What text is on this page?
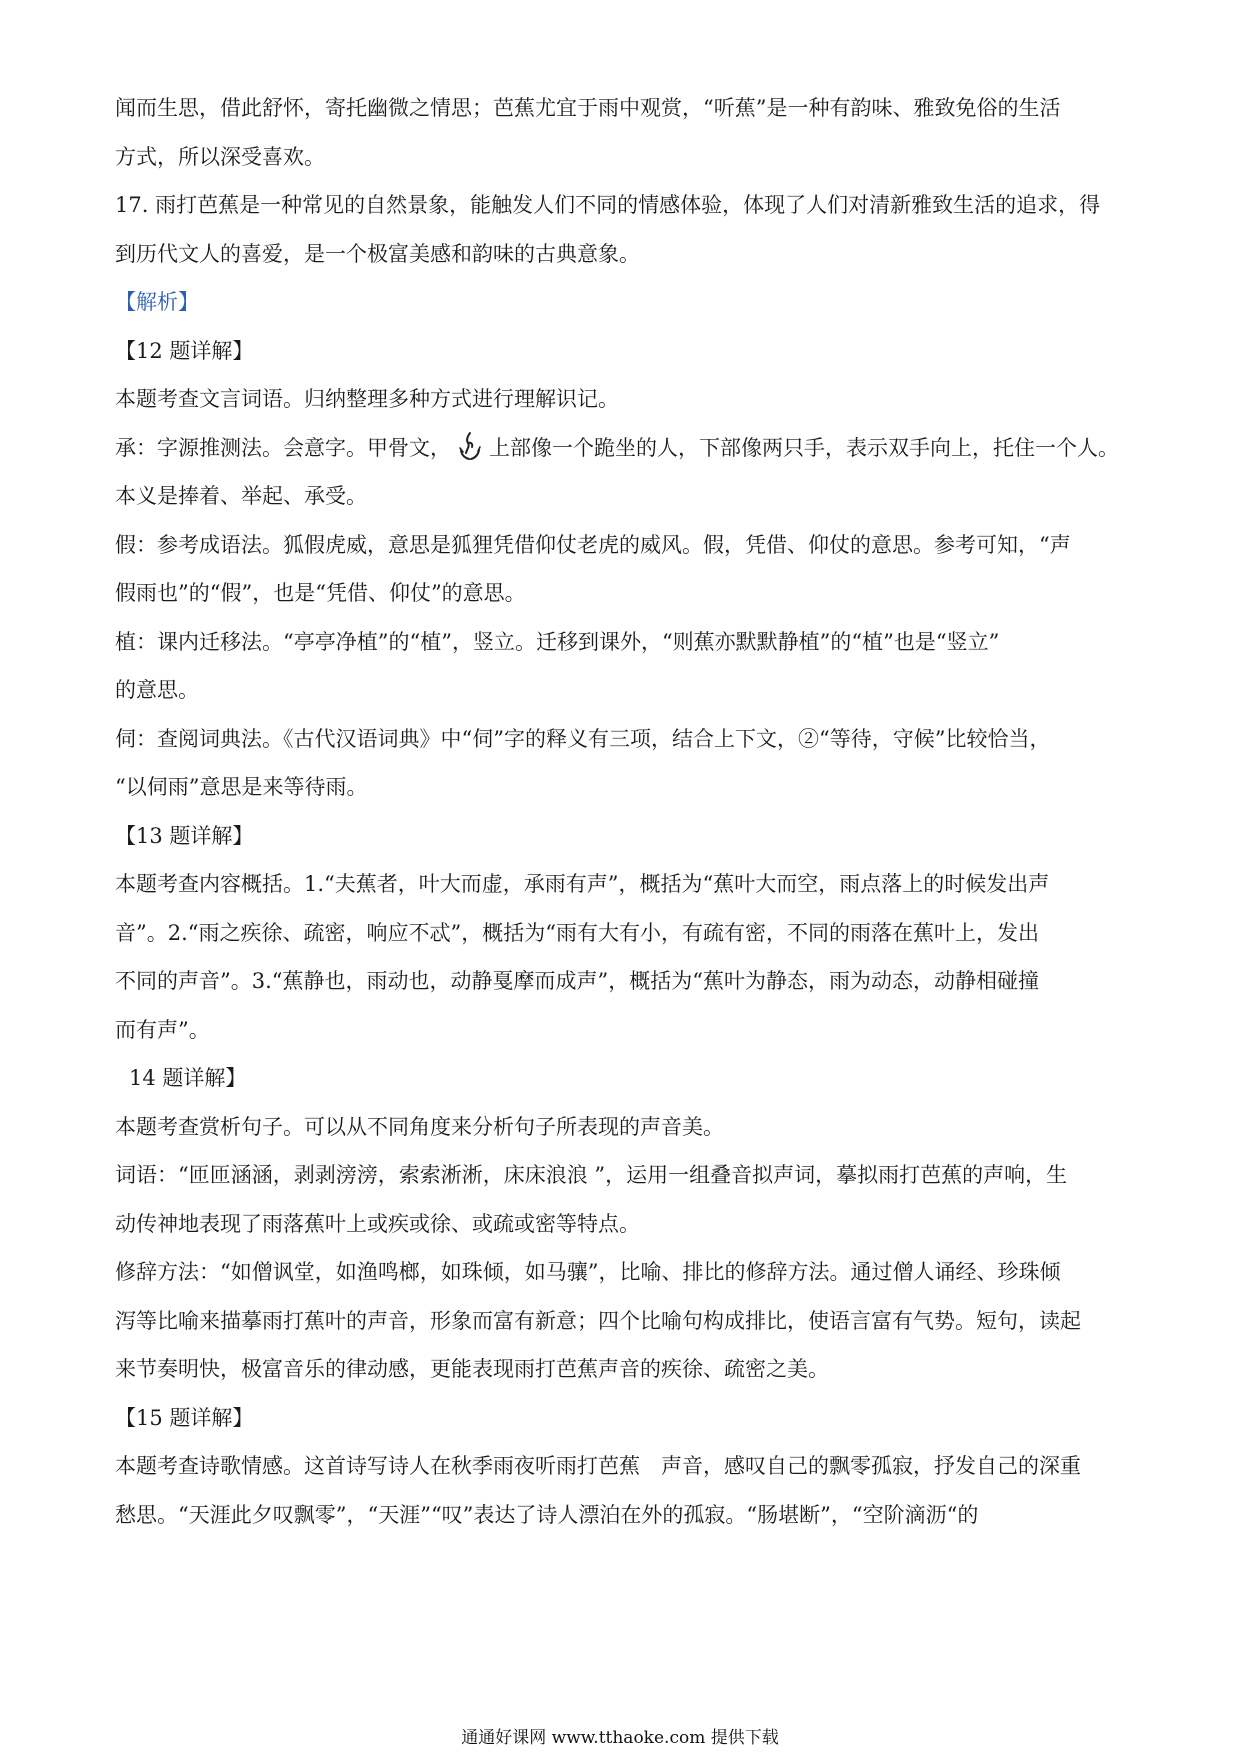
闻而生思，借此舒怀，寄托幽微之情思；芭蕉尤宜于雨中观赏，“听蕉”是一种有韵味、雅致免俗的生活
方式，所以深受喜欢。
17. 雨打芭蕉是一种常见的自然景象，能触发人们不同的情感体验，体现了人们对清新雅致生活的追求，得
到历代文人的喜爱，是一个极富美感和韵味的古典意象。
【解析】
【12 题详解】
本题考查文言词语。归纳整理多种方式进行理解识记。
承：字源推测法。会意字。甲骨文， 上部像一个跪坐的人，下部像两只手，表示双手向上，托住一个人。
本义是捧着、举起、承受。
假：参考成语法。狐假虎威，意思是狐狸凭借仰仗老虎的威风。假，凭借、仰仗的意思。参考可知，“声
假雨也”的“假”，也是“凭借、仰仗”的意思。
植：课内迁移法。“亭亭净植”的“植”，竖立。迁移到课外，“则蕉亦默默静植”的“植”也是“竖立”
的意思。
伺：查阅词典法。《古代汉语词典》中“伺”字的释义有三项，结合上下文，②“等待，守候”比较恰当，
“以伺雨”意思是来等待雨。
【13 题详解】
本题考查内容概括。1.“夫蕉者，叶大而虚，承雨有声”，概括为“蕉叶大而空，雨点落上的时候发出声
音”。2.“雨之疾徐、疏密，响应不忒”，概括为“雨有大有小，有疏有密，不同的雨落在蕉叶上，发出
不同的声音”。3.“蕉静也，雨动也，动静戛摩而成声”，概括为“蕉叶为静态，雨为动态，动静相碰撞
而有声”。
14 题详解】
本题考查赏析句子。可以从不同角度来分析句子所表现的声音美。
词语：“匝匝涵涵，剥剥滂滂，索索淅淅，床床浪浪 ”，运用一组叠音拟声词，摹拟雨打芭蕉的声响，生
动传神地表现了雨落蕉叶上或疾或徐、或疏或密等特点。
修辞方法：“如僧讽堂，如渔鸣榔，如珠倾，如马骧”，比喻、排比的修辞方法。通过僧人诵经、珍珠倾
泻等比喻来描摹雨打蕉叶的声音，形象而富有新意；四个比喻句构成排比，使语言富有气势。短句，读起
来节奏明快，极富音乐的律动感，更能表现雨打芭蕉声音的疾徐、疏密之美。
【15 题详解】
本题考查诗歌情感。这首诗写诗人在秋季雨夜听雨打芭蕉　声音，感叹自己的飘零孤寂，抒发自己的深重
愁思。“天涯此夕叹飘零”，“天涯”“叹”表达了诗人漂泊在外的孤寂。“肠堪断”，“空阶滴沥“的
通通好课网 www.tthaoke.com 提供下载
